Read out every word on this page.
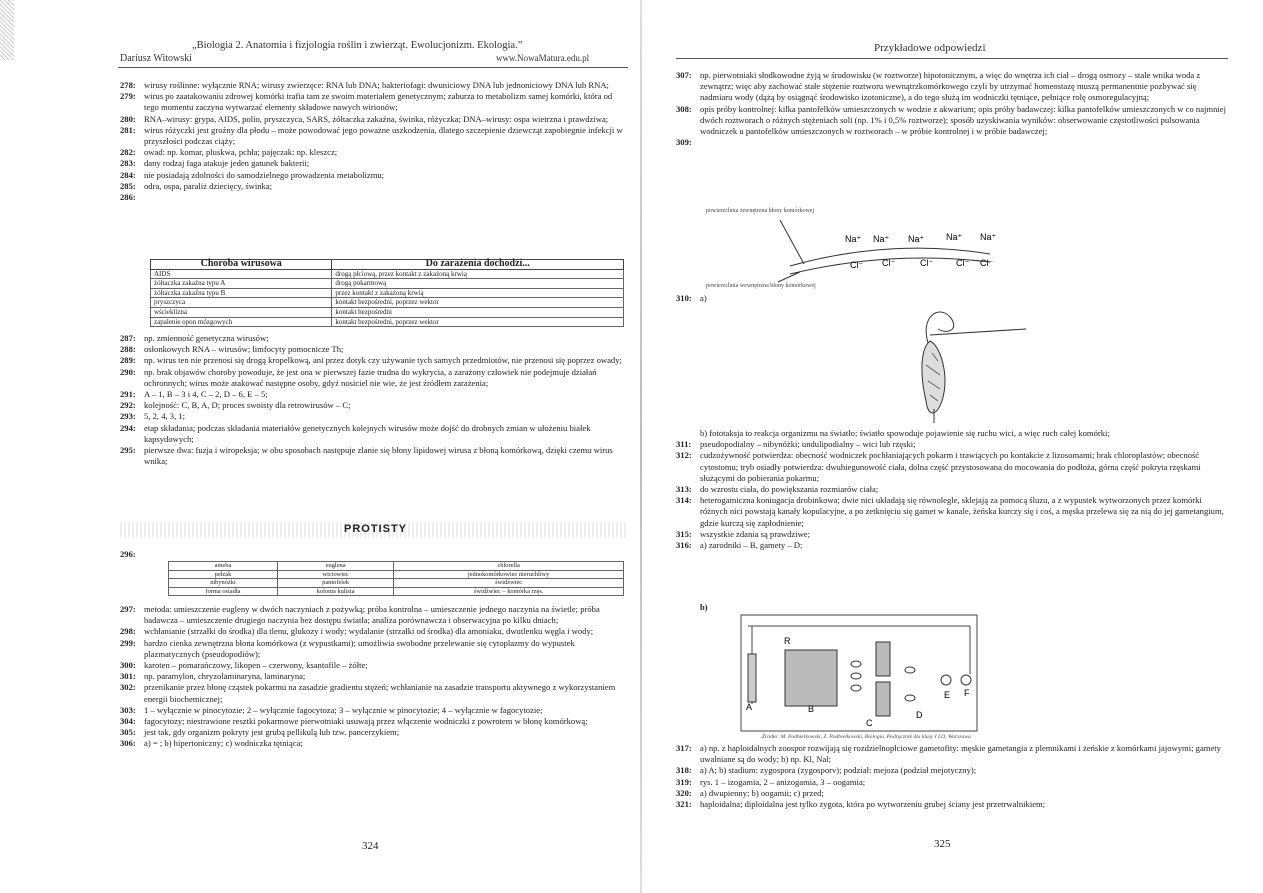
„Biologia 2. Anatomia i fizjologia roślin i zwierząt. Ewolucjonizm. Ekologia.”
Dariusz Witowski	www.NowaMatura.edu.pl
278: wirusy roślinne: wyłącznie RNA; wirusy zwierzęce: RNA lub DNA; bakteriofagi: dwuniciowy DNA lub jednoniciowy DNA lub RNA;
279: wirus po zaatakowaniu zdrowej komórki trafia tam ze swoim materiałem genetycznym; zaburza to metabolizm samej komórki, która od tego momentu zaczyna wytwarzać elementy składowe nowych wirionów;
280: RNA–wirusy: grypa, AIDS, polio, pryszczyca, SARS, żółtaczka zakaźna, świnka, różyczka; DNA–wirusy: ospa wietrzna i prawdziwa;
281: wirus różyczki jest groźny dla płodu – może powodować jego poważne uszkodzenia, dlatego szczepienie dziewcząt zapobiegnie infekcji w przyszłości podczas ciąży;
282: owad: np. komar, pluskwa, pchła; pajęczak: np. kleszcz;
283: dany rodzaj faga atakuje jeden gatunek bakterii;
284: nie posiadają zdolności do samodzielnego prowadzenia metabolizmu;
285: odra, ospa, paraliż dziecięcy, świnka;
286:
Choroba wirusowa	Do zarażenia dochodzi...
AIDS	drogą płciową, przez kontakt z zakażoną krwią
żółtaczka zakaźna typu A	drogą pokarmową
żółtaczka zakaźna typu B	przez kontakt z zakażoną krwią
pryszczyca	kontakt bezpośredni, poprzez wektor
wścieklizna	kontakt bezpośredni
zapalenie opon mózgowych	kontakt bezpośredni, poprzez wektor
287: np. zmienność genetyczna wirusów;
288: osłonkowych RNA – wirusów; limfocyty pomocnicze Th;
289: np. wirus ten nie przenosi się drogą kropelkową, ani przez dotyk czy używanie tych samych przedmiotów, nie przenosi się poprzez owady;
290: np. brak objawów choroby powoduje, że jest ona w pierwszej fazie trudna do wykrycia, a zarażony człowiek nie podejmuje działań ochronnych; wirus może atakować następne osoby, gdyż nosiciel nie wie, że jest źródłem zarażenia;
291: A – 1, B – 3 i 4, C – 2, D – 6, E – 5;
292: kolejność: C, B, A, D; proces swoisty dla retrowirusów – C;
293: 5, 2, 4, 3, 1;
294: etap składania; podczas składania materiałów genetycznych kolejnych wirusów może dojść do drobnych zmian w ułożeniu białek kapsydowych;
295: pierwsze dwa: fuzja i wiropeksja; w obu sposobach następuje zlanie się błony lipidowej wirusa z błoną komórkową, dzięki czemu wirus wnika;
PROTISTY
296:
ameba	euglena	chlorella
pełzak	wiciowiec	jednokomórkowiec nieruchliwy
nibynóżki	pantofelek	świdźwiec
forma osiadła	kolonia kulista	świdźwiec – komórka rzęs.
297: metoda: umieszczenie eugleny w dwóch naczyniach z pożywką; próba kontrolna – umieszczenie jednego naczynia na świetle; próba badawcza – umieszczenie drugiego naczynia bez dostępu światła; analiza porównawcza i obserwacyjna po kilku dniach;
298: wchłanianie (strzałki do środka) dla tlenu, glukozy i wody; wydalanie (strzałki od środka) dla amoniaku, dwutlenku węgla i wody;
299: bardzo cienka zewnętrzna błona komórkowa (z wypustkami); umożliwia swobodne przelewanie się cytoplazmy do wypustek plazmatycznych (pseudopodiów);
300: karoten – pomarańczowy, likopen – czerwony, ksantofile – żółte;
301: np. paramylon, chryzolaminaryna, laminaryna;
302: przenikanie przez błonę cząstek pokarmu na zasadzie gradientu stężeń; wchłanianie na zasadzie transportu aktywnego z wykorzystaniem energii biochemicznej;
303: 1 – wyłącznie w pinocytozie; 2 – wyłącznie fagocytoza; 3 – wyłącznie w pinocytozie; 4 – wyłącznie w fagocytozie;
304: fagocytozy; niestrawione resztki pokarmowe pierwotniaki usuwają przez włączenie wodniczki z powrotem w błonę komórkową;
305: jest tak, gdy organizm pokryty jest grubą pellikulą lub tzw. pancerzykiem;
306: a) = ; b) hipertoniczny; c) wodniczka tętniąca;
324
Przykładowe odpowiedzi
307: np. pierwotniaki słodkowodne żyją w środowisku (w roztworze) hipotonicznym, a więc do wnętrza ich ciał – drogą osmozy – stale wnika woda z zewnątrz; więc aby zachować stałe stężenie roztworu wewnątrzkomórkowego czyli by utrzymać homeostazę muszą permanentnie pozbywać się nadmiaru wody (dążą by osiągnąć środowisko izotoniczne), a do tego służą im wodniczki tętniące, pełniące rolę osmoregulacyjną;
308: opis próby kontrolnej: kilka pantofelków umieszczonych w wodzie z akwarium; opis próby badawczej: kilka pantofelków umieszczonych w co najmniej dwóch roztworach o różnych stężeniach soli (np. 1% i 0,5% roztworze); sposób uzyskiwania wyników: obserwowanie częstotliwości pulsowania wodniczek u pantofelków umieszczonych w roztworach – w próbie kontrolnej i w próbie badawczej;
309:
powierzchnia zewnętrzna błony komórkowej
Na⁺ Na⁺ Na⁺ Na⁺ Na⁺
Cl⁻ Cl⁻	Cl⁻	Cl⁻ Cl⁻
powierzchnia wewnętrzna błony komórkowej
310: a)
b) fototaksja to reakcja organizmu na światło; światło spowoduje pojawienie się ruchu wici, a więc ruch całej komórki;
311:	pseudopodialny – nibynóżki; undulipodialny – wici lub rzęski;
312: cudzożywność potwierdza: obecność wodniczek pochłaniających pokarm i trawiących po kontakcie z lizosomami; brak chloroplastów; obecność cytostomu; tryb osiadły potwierdza: dwuhiegunowość ciała, dolna część przystosowana do mocowania do podłoża, górna część pokryta rzęskami służącymi do pobierania pokarmu;
313: do wzrostu ciała, do powiększania rozmiarów ciała;
314: heterogamiczna koniugacja drobinkowa; dwie nici układają się równolegle, sklejają za pomocą śluzu, a z wypustek wytworzonych przez komórki różnych nici powstają kanały kopulacyjne, a po zetknięciu się gamet w kanale, żeńska kurczy się i coś, a męska przelewa się za nią do jej gametangium, gdzie kurczą się zapłodnienie;
315: wszystkie zdania są prawdziwe;
316: a) zarodniki – B, gamety – D;
b)
R
A	B
C
D
E F
Źródło: M. Podbielkowski, Z. Podbielkowski, Biologia. Podręcznik dla klasy I LO, Warszawa
317: a) np. z haploidalnych zoospor rozwijają się rozdzielnopłciowe gametofity: męskie gametangia z plemnikami i żeńskie z komórkami jajowymi; gamety uwalniane są do wody; b) np. Kl, Nal;
318: a) A; b) stadium: zygospora (zygosporv); podział: mejoza (podział mejotyczny);
319: rys. 1 – izogamia, 2 – anizogamia, 3 – oogamia;
320: a) dwupienny; b) oogamii; c) przed;
321: haploidalna; diploidalna jest tylko zygota, która po wytworzeniu grubej ściany jest przetrwalnikiem;
325
